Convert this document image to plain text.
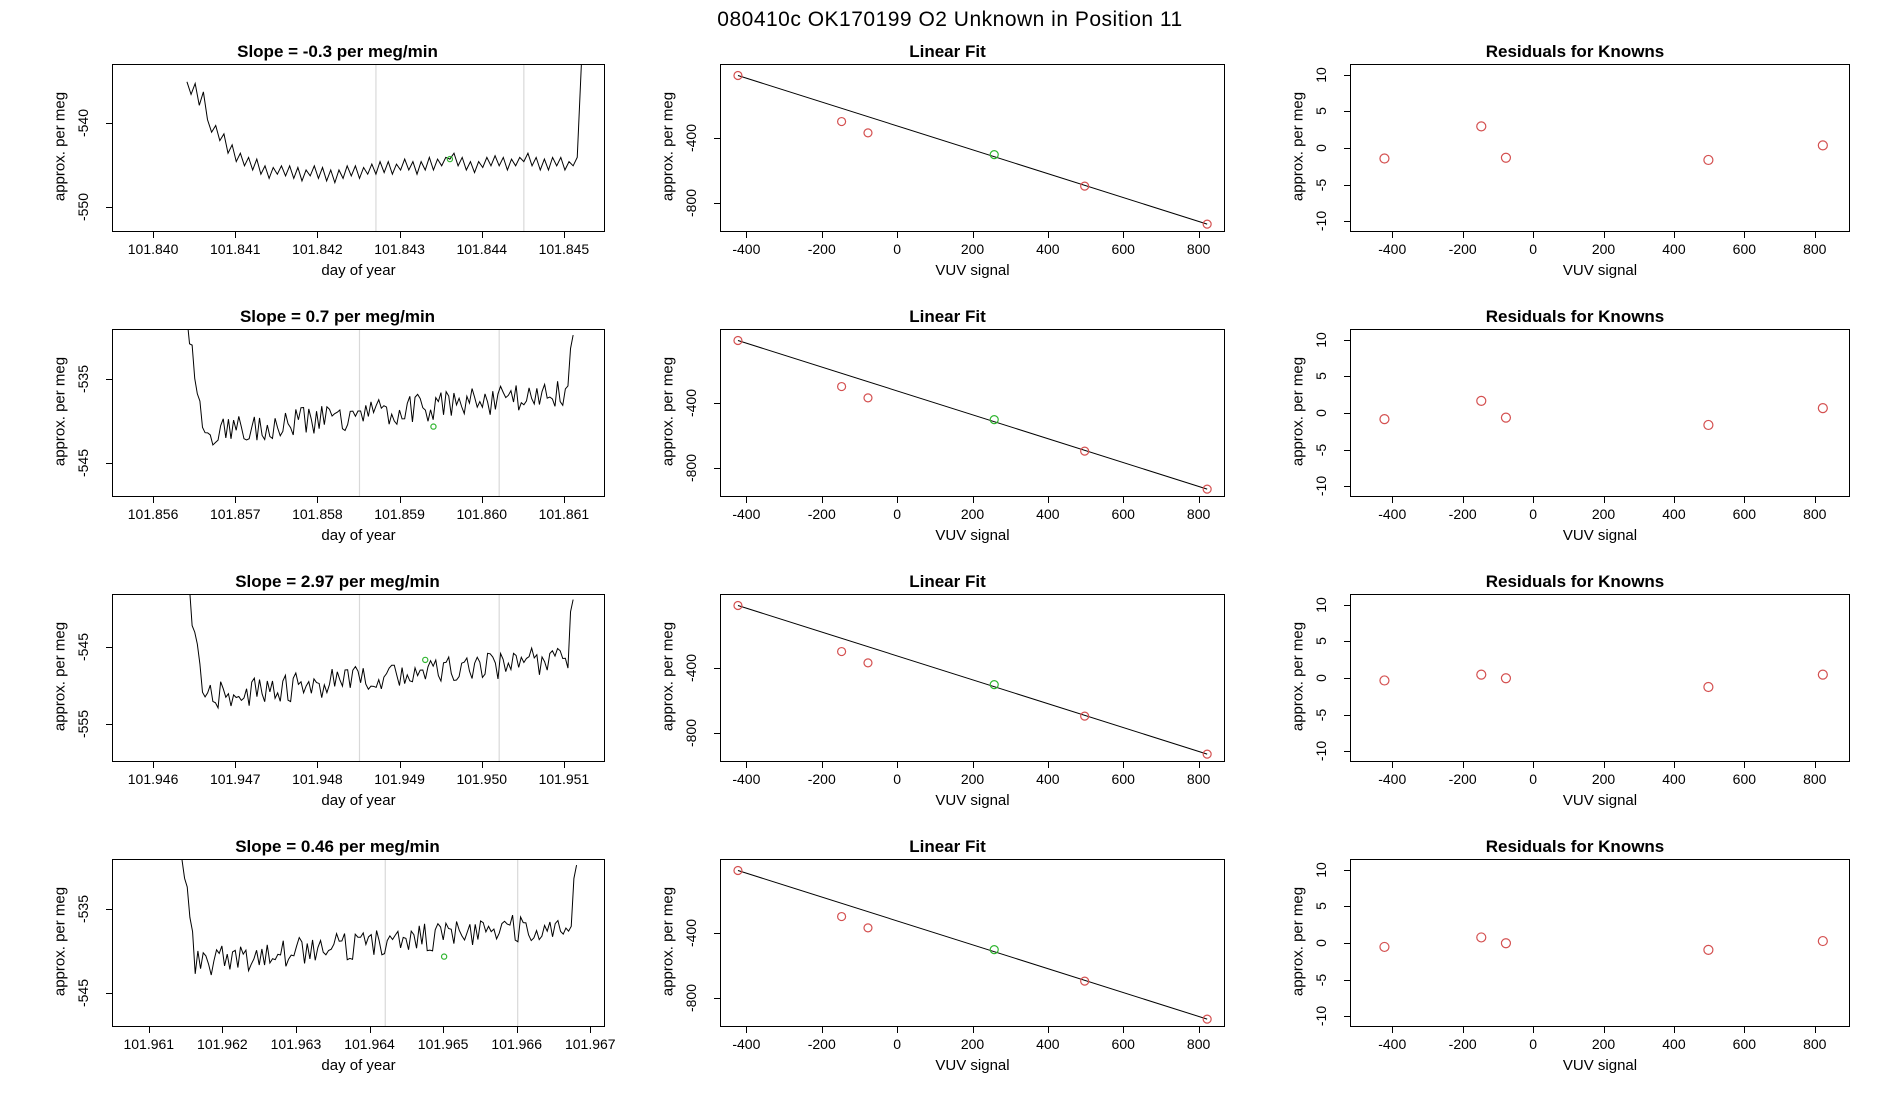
080410c OK170199 O2 Unknown in Position 11
Slope = -0.3 per meg/min
101.840	101.841	101.842	101.843	101.844	101.845
-550
-540
day of year
approx. per meg
Slope = 0.7 per meg/min
101.856	101.857	101.858	101.859	101.860	101.861
-545
-535
day of year
approx. per meg
Slope = 2.97 per meg/min
101.946	101.947	101.948	101.949	101.950	101.951
-555
-545
day of year
approx. per meg
Slope = 0.46 per meg/min
101.961	101.962	101.963	101.964	101.965	101.966	101.967
-545
-535
day of year
approx. per meg
Linear Fit
-400	-200	0	200	400	600	800
-800
-400
VUV signal
approx. per meg
Linear Fit
-400	-200	0	200	400	600	800
-800
-400
VUV signal
approx. per meg
Linear Fit
-400	-200	0	200	400	600	800
-800
-400
VUV signal
approx. per meg
Linear Fit
-400	-200	0	200	400	600	800
-800
-400
VUV signal
approx. per meg
Residuals for Knowns
-400	-200	0	200	400	600	800
-10
-5
0
5
10
VUV signal
approx. per meg
Residuals for Knowns
-400	-200	0	200	400	600	800
-10
-5
0
5
10
VUV signal
approx. per meg
Residuals for Knowns
-400	-200	0	200	400	600	800
-10
-5
0
5
10
VUV signal
approx. per meg
Residuals for Knowns
-400	-200	0	200	400	600	800
-10
-5
0
5
10
VUV signal
approx. per meg
